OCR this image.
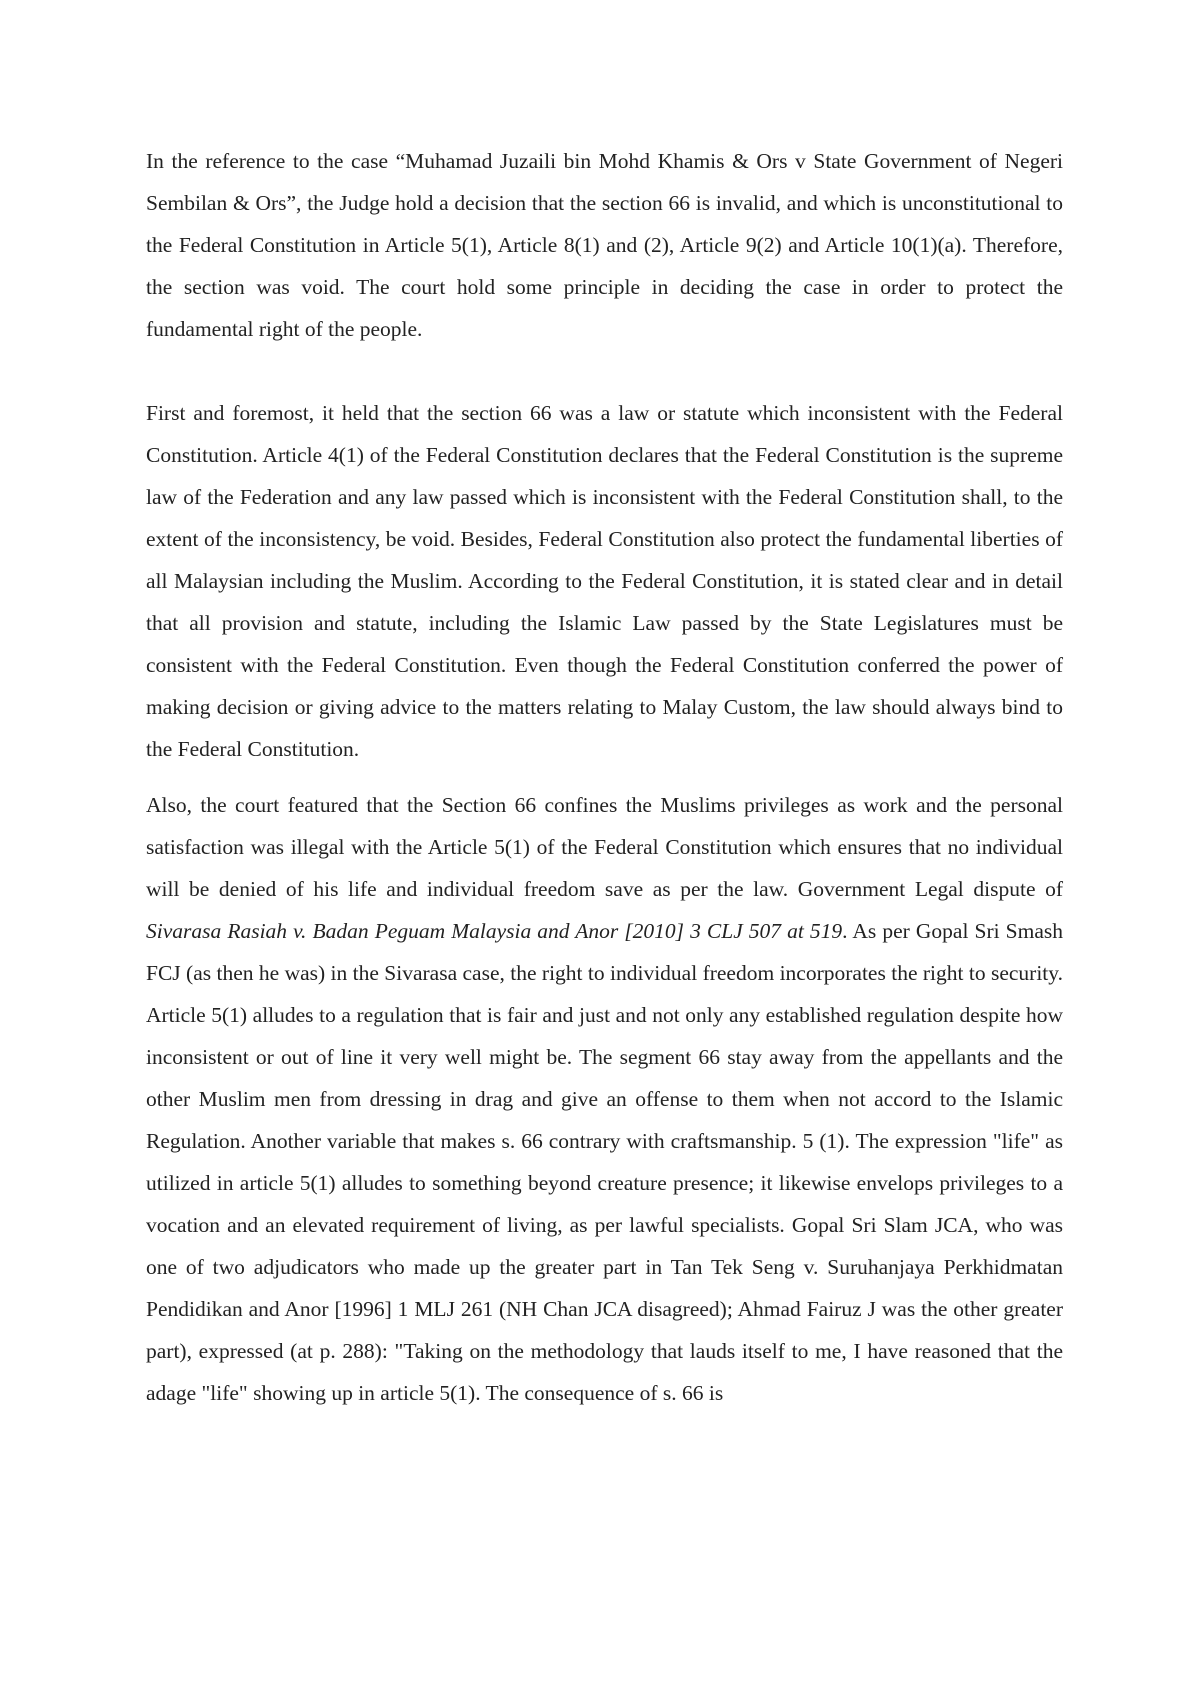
In the reference to the case “Muhamad Juzaili bin Mohd Khamis & Ors v State Government of Negeri Sembilan & Ors”, the Judge hold a decision that the section 66 is invalid, and which is unconstitutional to the Federal Constitution in Article 5(1), Article 8(1) and (2), Article 9(2) and Article 10(1)(a). Therefore, the section was void. The court hold some principle in deciding the case in order to protect the fundamental right of the people.

First and foremost, it held that the section 66 was a law or statute which inconsistent with the Federal Constitution. Article 4(1) of the Federal Constitution declares that the Federal Constitution is the supreme law of the Federation and any law passed which is inconsistent with the Federal Constitution shall, to the extent of the inconsistency, be void. Besides, Federal Constitution also protect the fundamental liberties of all Malaysian including the Muslim. According to the Federal Constitution, it is stated clear and in detail that all provision and statute, including the Islamic Law passed by the State Legislatures must be consistent with the Federal Constitution. Even though the Federal Constitution conferred the power of making decision or giving advice to the matters relating to Malay Custom, the law should always bind to the Federal Constitution.

Also, the court featured that the Section 66 confines the Muslims privileges as work and the personal satisfaction was illegal with the Article 5(1) of the Federal Constitution which ensures that no individual will be denied of his life and individual freedom save as per the law. Government Legal dispute of Sivarasa Rasiah v. Badan Peguam Malaysia and Anor [2010] 3 CLJ 507 at 519. As per Gopal Sri Smash FCJ (as then he was) in the Sivarasa case, the right to individual freedom incorporates the right to security. Article 5(1) alludes to a regulation that is fair and just and not only any established regulation despite how inconsistent or out of line it very well might be. The segment 66 stay away from the appellants and the other Muslim men from dressing in drag and give an offense to them when not accord to the Islamic Regulation. Another variable that makes s. 66 contrary with craftsmanship. 5 (1). The expression "life" as utilized in article 5(1) alludes to something beyond creature presence; it likewise envelops privileges to a vocation and an elevated requirement of living, as per lawful specialists. Gopal Sri Slam JCA, who was one of two adjudicators who made up the greater part in Tan Tek Seng v. Suruhanjaya Perkhidmatan Pendidikan and Anor [1996] 1 MLJ 261 (NH Chan JCA disagreed); Ahmad Fairuz J was the other greater part), expressed (at p. 288): "Taking on the methodology that lauds itself to me, I have reasoned that the adage "life" showing up in article 5(1). The consequence of s. 66 is
